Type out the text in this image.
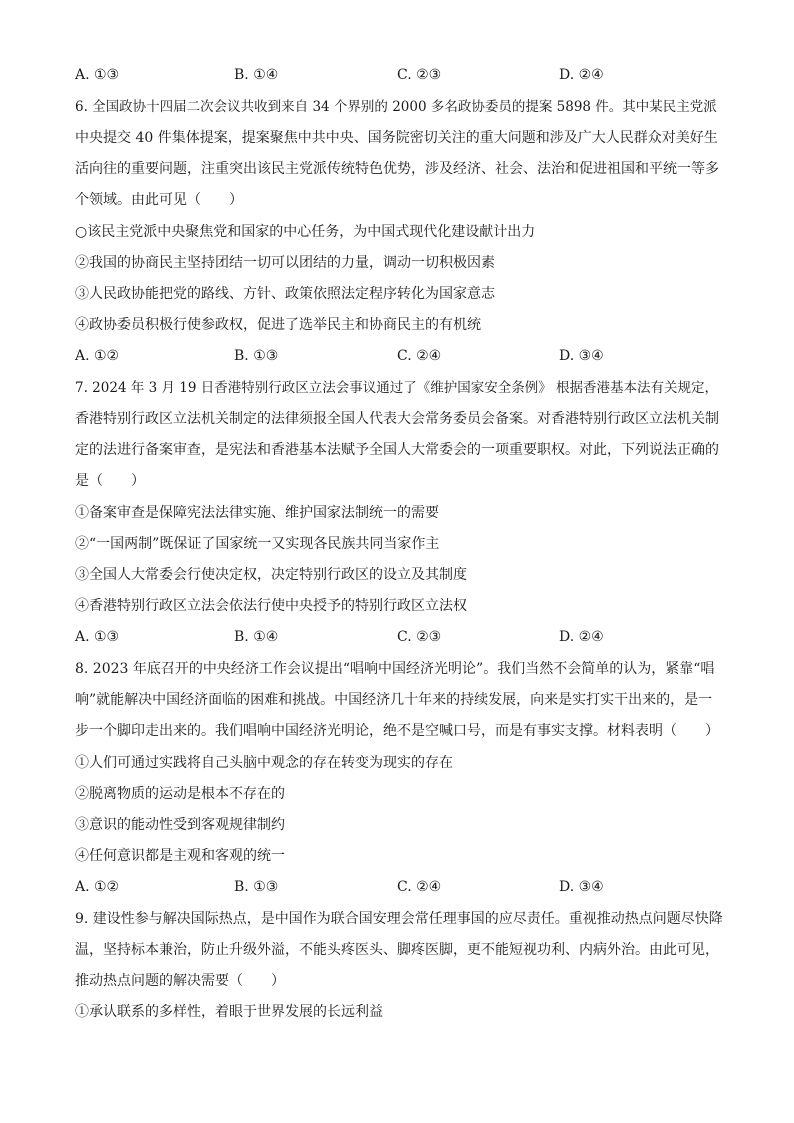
A. ①③	B. ①④	C. ②③	D. ②④
6. 全国政协十四届二次会议共收到来自 34 个界别的 2000 多名政协委员的提案 5898 件。其中某民主党派
中央提交 40 件集体提案，提案聚焦中共中央、国务院密切关注的重大问题和涉及广大人民群众对美好生
活向往的重要问题，注重突出该民主党派传统特色优势，涉及经济、社会、法治和促进祖国和平统一等多
个领域。由此可见（　　）
○该民主党派中央聚焦党和国家的中心任务，为中国式现代化建设献计出力
②我国的协商民主坚持团结一切可以团结的力量，调动一切积极因素
③人民政协能把党的路线、方针、政策依照法定程序转化为国家意志
④政协委员积极行使参政权，促进了选举民主和协商民主的有机统
A. ①②	B. ①③	C. ②④	D. ③④
7. 2024 年 3 月 19 日香港特别行政区立法会事议通过了《维护国家安全条例》 根据香港基本法有关规定，
香港特别行政区立法机关制定的法律须报全国人代表大会常务委员会备案。对香港特别行政区立法机关制
定的法进行备案审查，是宪法和香港基本法赋予全国人大常委会的一项重要职权。对此，下列说法正确的
是（　　）
①备案审查是保障宪法法律实施、维护国家法制统一的需要
②“一国两制”既保证了国家统一又实现各民族共同当家作主
③全国人大常委会行使决定权，决定特别行政区的设立及其制度
④香港特别行政区立法会依法行使中央授予的特别行政区立法权
A. ①③	B. ①④	C. ②③	D. ②④
8. 2023 年底召开的中央经济工作会议提出“唱响中国经济光明论”。我们当然不会简单的认为，紧靠“唱
响”就能解决中国经济面临的困难和挑战。中国经济几十年来的持续发展，向来是实打实干出来的，是一
步一个脚印走出来的。我们唱响中国经济光明论，绝不是空喊口号，而是有事实支撑。材料表明（　　）
①人们可通过实践将自己头脑中观念的存在转变为现实的存在
②脱离物质的运动是根本不存在的
③意识的能动性受到客观规律制约
④任何意识都是主观和客观的统一
A. ①②	B. ①③	C. ②④	D. ③④
9. 建设性参与解决国际热点，是中国作为联合国安理会常任理事国的应尽责任。重视推动热点问题尽快降
温，坚持标本兼治，防止升级外溢，不能头疼医头、脚疼医脚，更不能短视功利、内病外治。由此可见，
推动热点问题的解决需要（　　）
①承认联系的多样性，着眼于世界发展的长远利益
